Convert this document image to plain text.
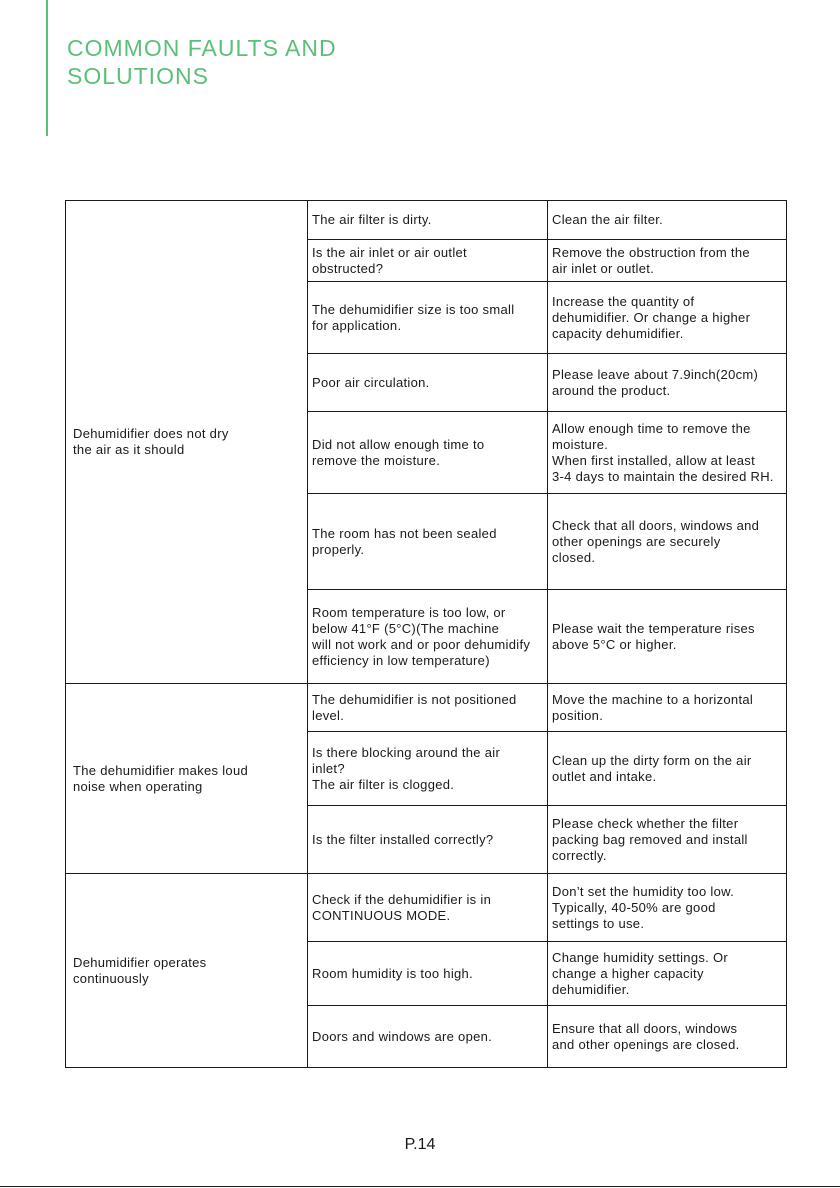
COMMON FAULTS AND
SOLUTIONS
Dehumidifier does not dry
the air as it should	The air filter is dirty.	Clean the air filter.

	Is the air inlet or air outlet
obstructed?	Remove the obstruction from the
air inlet or outlet.

	The dehumidifier size is too small
for application.	Increase the quantity of
dehumidifier. Or change a higher
capacity dehumidifier.

	Poor air circulation.	Please leave about 7.9inch(20cm)
around the product.

	Did not allow enough time to
remove the moisture.	Allow enough time to remove the
moisture.
When first installed, allow at least
3-4 days to maintain the desired RH.

	The room has not been sealed
properly.	Check that all doors, windows and
other openings are securely
closed.

	Room temperature is too low, or
below 41°F (5°C)(The machine
will not work and or poor dehumidify
efficiency in low temperature)	Please wait the temperature rises
above 5°C or higher.

The dehumidifier makes loud
noise when operating	The dehumidifier is not positioned
level.	Move the machine to a horizontal
position.

	Is there blocking around the air
inlet?
The air filter is clogged.	Clean up the dirty form on the air
outlet and intake.

	Is the filter installed correctly?	Please check whether the filter
packing bag removed and install
correctly.

Dehumidifier operates
continuously	Check if the dehumidifier is in
CONTINUOUS MODE.	Don’t set the humidity too low.
Typically, 40-50% are good
settings to use.

	Room humidity is too high.	Change humidity settings. Or
change a higher capacity
dehumidifier.

	Doors and windows are open.	Ensure that all doors, windows
and other openings are closed.
P.14
